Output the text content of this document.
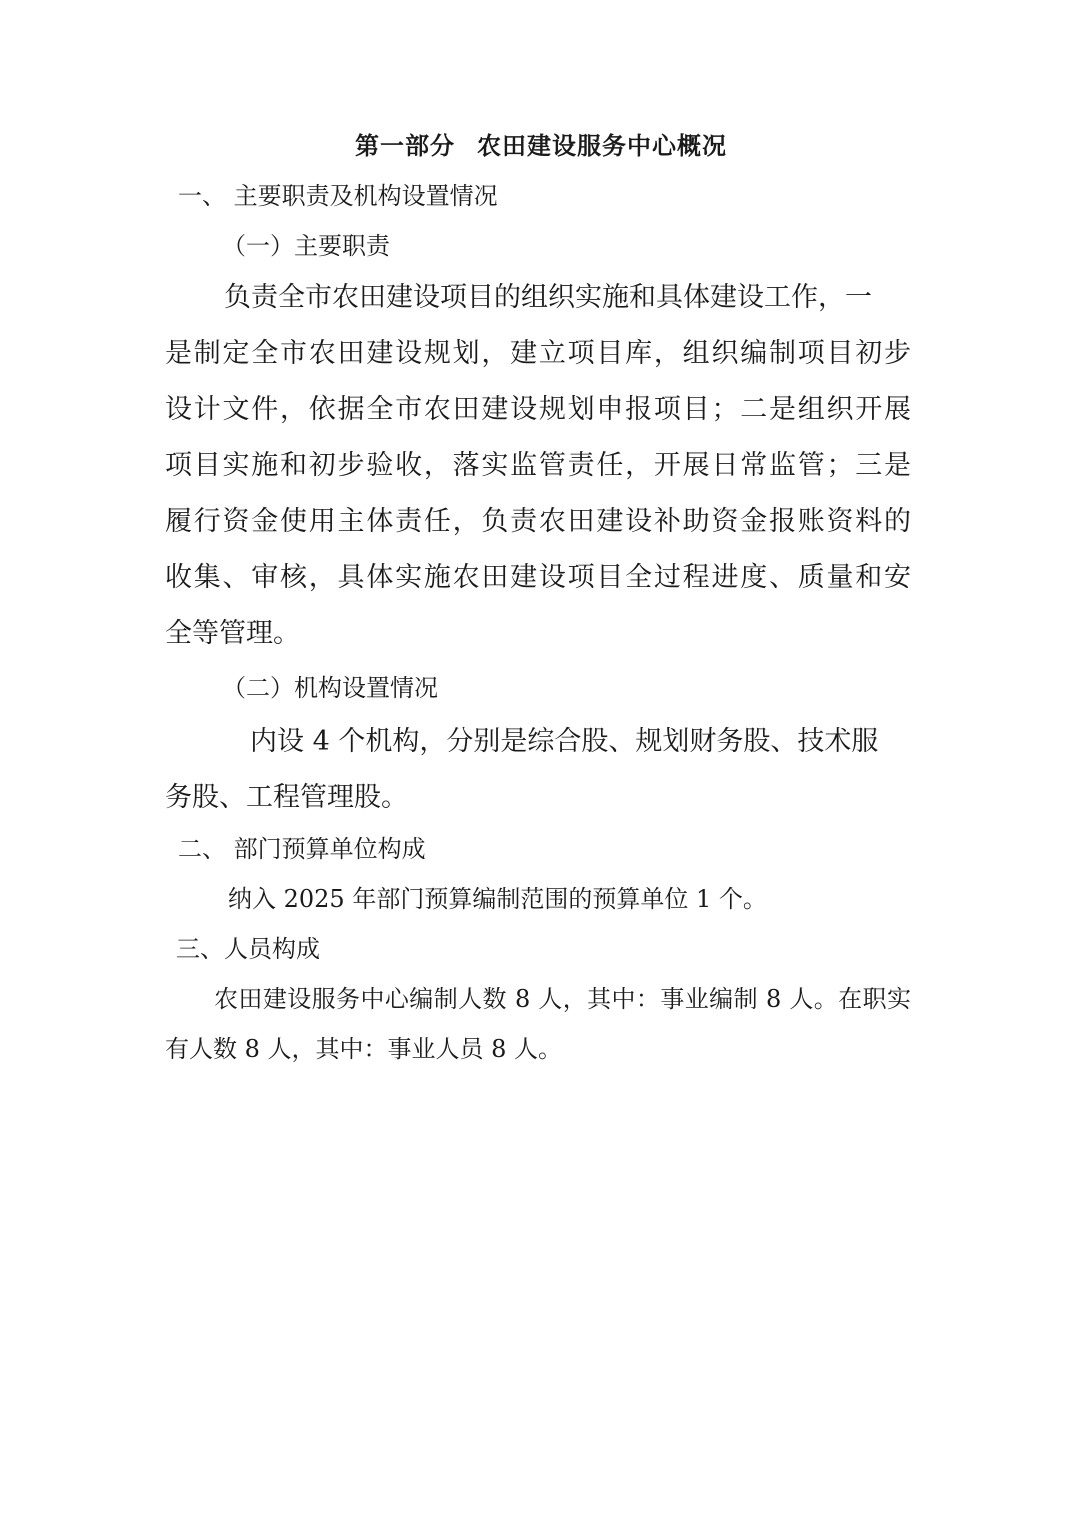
第一部分 农田建设服务中心概况
一、 主要职责及机构设置情况
（一）主要职责
负责全市农田建设项目的组织实施和具体建设工作，一
是制定全市农田建设规划，建立项目库，组织编制项目初步
设计文件，依据全市农田建设规划申报项目；二是组织开展
项目实施和初步验收，落实监管责任，开展日常监管；三是
履行资金使用主体责任，负责农田建设补助资金报账资料的
收集、审核，具体实施农田建设项目全过程进度、质量和安
全等管理。
（二）机构设置情况
内设 4 个机构，分别是综合股、规划财务股、技术服
务股、工程管理股。
二、 部门预算单位构成
纳入 2025 年部门预算编制范围的预算单位 1 个。
三、人员构成
农田建设服务中心编制人数 8 人，其中：事业编制 8 人。在职实
有人数 8 人，其中：事业人员 8 人。
